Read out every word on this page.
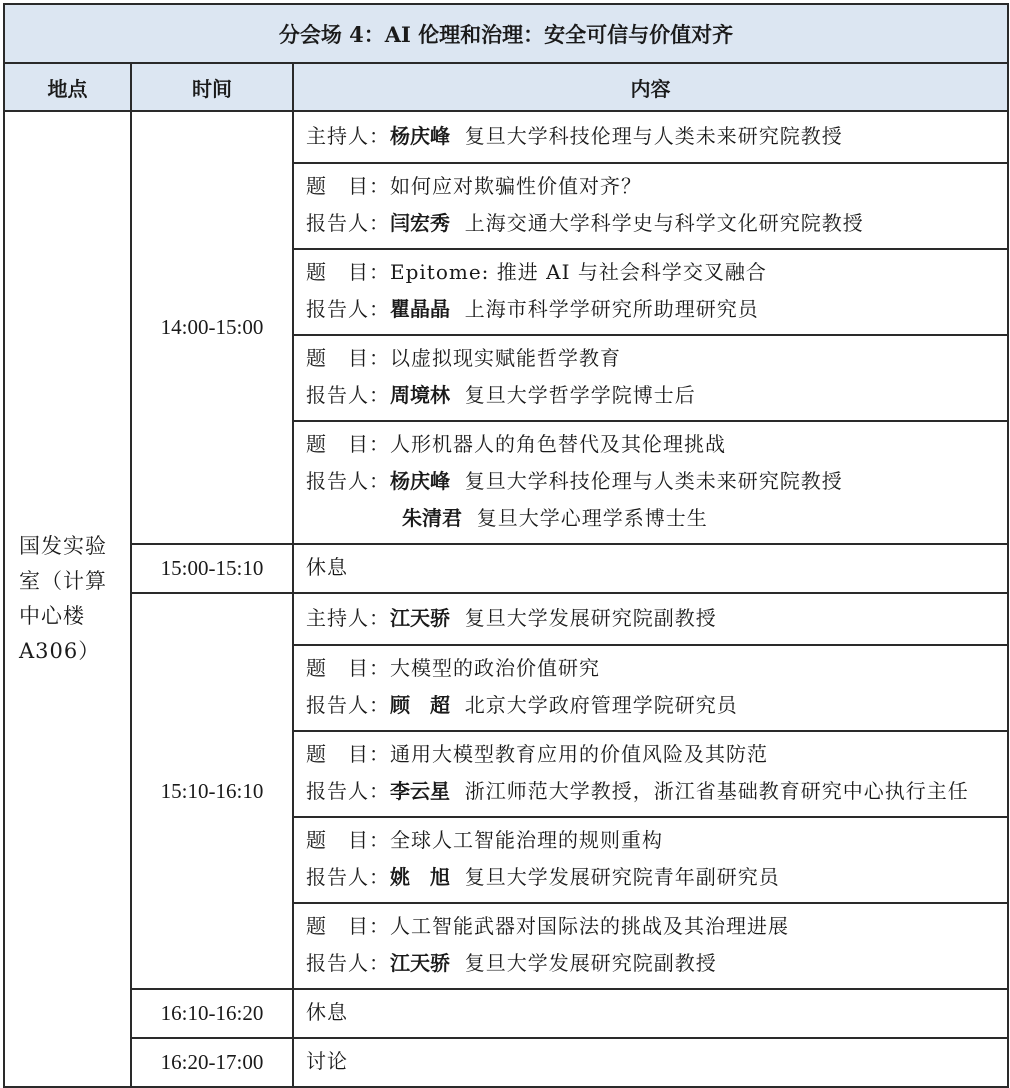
分会场 4：AI 伦理和治理：安全可信与价值对齐		
地点	时间	内容

国发实验
室（计算
中心楼
A306）	14:00-15:00	主持人：杨庆峰 复旦大学科技伦理与人类未来研究院教授

		题　目：如何应对欺骗性价值对齐？
报告人：闫宏秀 上海交通大学科学史与科学文化研究院教授

		题　目：Epitome: 推进 AI 与社会科学交叉融合
报告人：瞿晶晶 上海市科学学研究所助理研究员

		题　目：以虚拟现实赋能哲学教育
报告人：周境林 复旦大学哲学学院博士后

		题　目：人形机器人的角色替代及其伦理挑战
报告人：杨庆峰 复旦大学科技伦理与人类未来研究院教授
朱清君 复旦大学心理学系博士生

	15:00-15:10	休息
	15:10-16:10	主持人：江天骄 复旦大学发展研究院副教授

		题　目：大模型的政治价值研究
报告人：顾　超 北京大学政府管理学院研究员

		题　目：通用大模型教育应用的价值风险及其防范
报告人：李云星 浙江师范大学教授，浙江省基础教育研究中心执行主任

		题　目：全球人工智能治理的规则重构
报告人：姚　旭 复旦大学发展研究院青年副研究员

		题　目：人工智能武器对国际法的挑战及其治理进展
报告人：江天骄 复旦大学发展研究院副教授

	16:10-16:20	休息
	16:20-17:00	讨论
